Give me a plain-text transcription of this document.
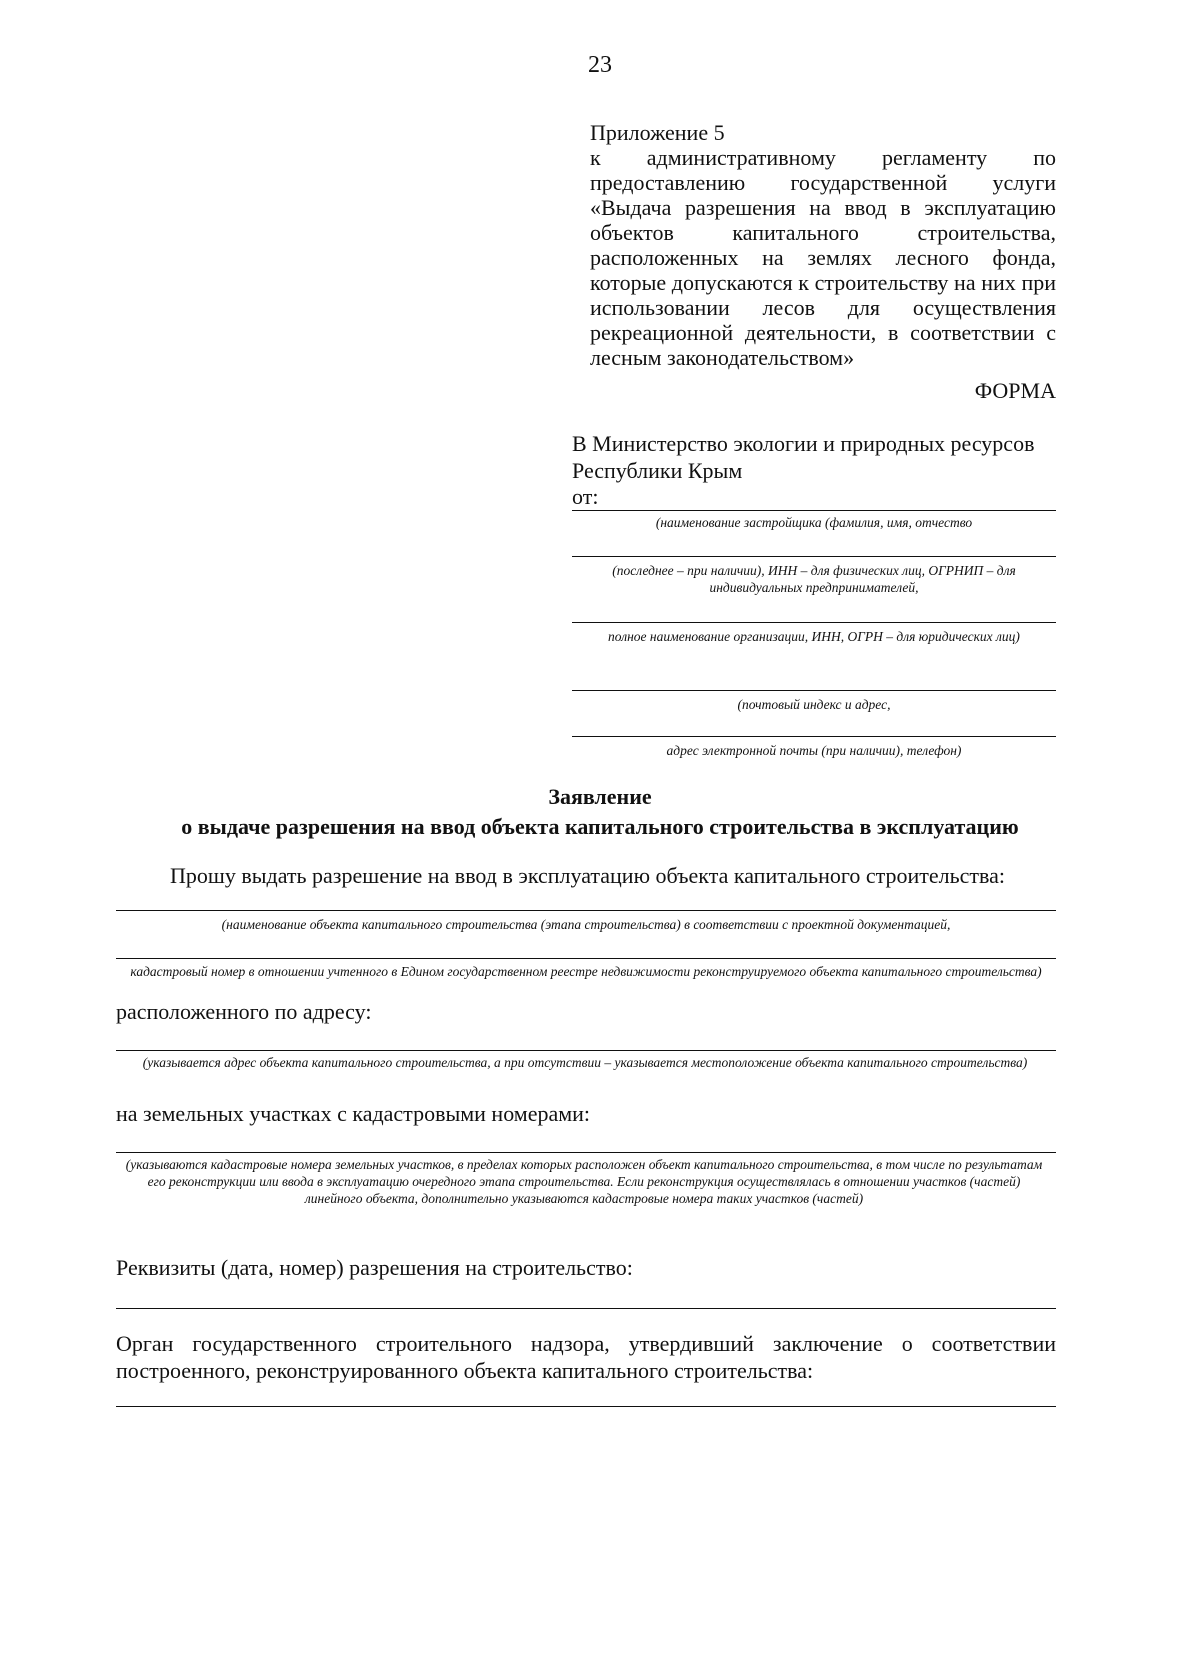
23
Приложение 5
к административному регламенту по предоставлению государственной услуги «Выдача разрешения на ввод в эксплуатацию объектов капитального строительства, расположенных на землях лесного фонда, которые допускаются к строительству на них при использовании лесов для осуществления рекреационной деятельности, в соответствии с лесным законодательством»
ФОРМА
В Министерство экологии и природных ресурсов
Республики Крым
от:
(наименование застройщика (фамилия, имя, отчество
(последнее – при наличии), ИНН – для физических лиц, ОГРНИП – для индивидуальных предпринимателей,
полное наименование организации, ИНН, ОГРН – для юридических лиц)
(почтовый индекс и адрес,
адрес электронной почты (при наличии), телефон)
Заявление
о выдаче разрешения на ввод объекта капитального строительства в эксплуатацию
Прошу выдать разрешение на ввод в эксплуатацию объекта капитального строительства:
(наименование объекта капитального строительства (этапа строительства) в соответствии с проектной документацией,
кадастровый номер в отношении учтенного в Едином государственном реестре недвижимости реконструируемого объекта капитального строительства)
расположенного по адресу:
(указывается адрес объекта капитального строительства, а при отсутствии – указывается местоположение объекта капитального строительства)
на земельных участках с кадастровыми номерами:
(указываются кадастровые номера земельных участков, в пределах которых расположен объект капитального строительства, в том числе по результатам его реконструкции или ввода в эксплуатацию очередного этапа строительства. Если реконструкция осуществлялась в отношении участков (частей) линейного объекта, дополнительно указываются кадастровые номера таких участков (частей)
Реквизиты (дата, номер) разрешения на строительство:
Орган государственного строительного надзора, утвердивший заключение о соответствии построенного, реконструированного объекта капитального строительства:
